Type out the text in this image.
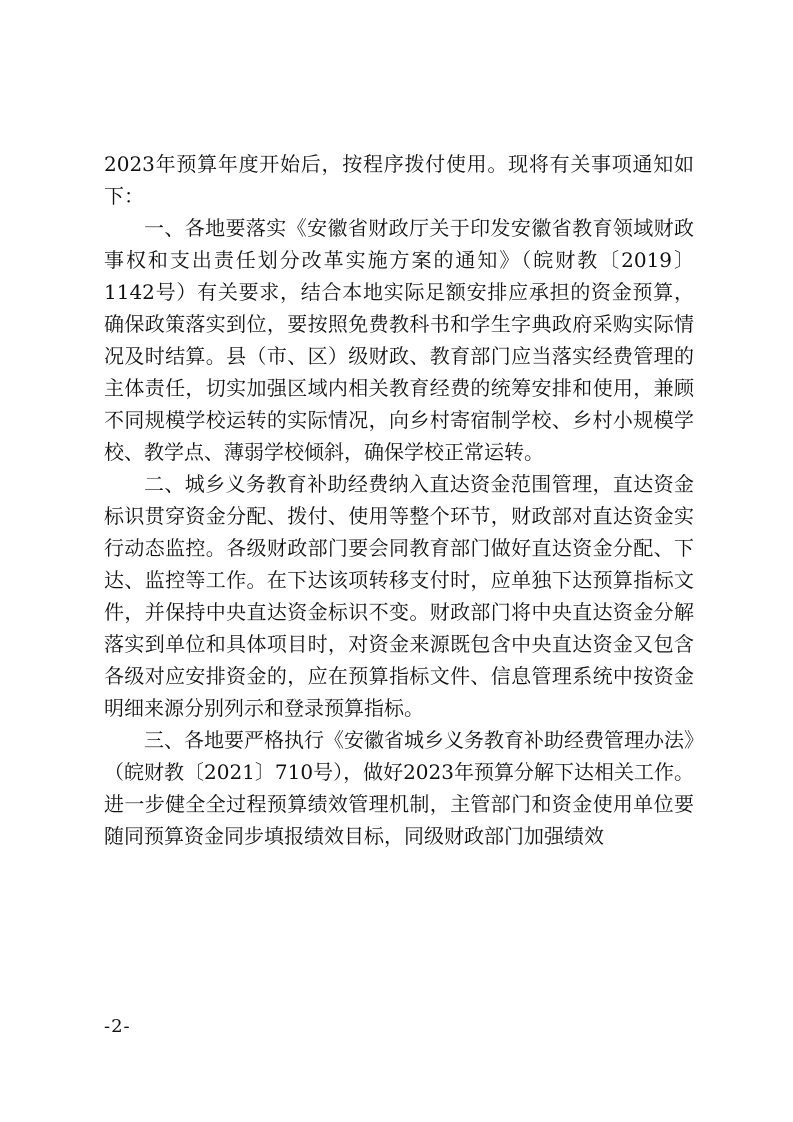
2023年预算年度开始后，按程序拨付使用。现将有关事项通知如下：

一、各地要落实《安徽省财政厅关于印发安徽省教育领域财政事权和支出责任划分改革实施方案的通知》（皖财教〔2019〕1142号）有关要求，结合本地实际足额安排应承担的资金预算，确保政策落实到位，要按照免费教科书和学生字典政府采购实际情况及时结算。县（市、区）级财政、教育部门应当落实经费管理的主体责任，切实加强区域内相关教育经费的统筹安排和使用，兼顾不同规模学校运转的实际情况，向乡村寄宿制学校、乡村小规模学校、教学点、薄弱学校倾斜，确保学校正常运转。

二、城乡义务教育补助经费纳入直达资金范围管理，直达资金标识贯穿资金分配、拨付、使用等整个环节，财政部对直达资金实行动态监控。各级财政部门要会同教育部门做好直达资金分配、下达、监控等工作。在下达该项转移支付时，应单独下达预算指标文件，并保持中央直达资金标识不变。财政部门将中央直达资金分解落实到单位和具体项目时，对资金来源既包含中央直达资金又包含各级对应安排资金的，应在预算指标文件、信息管理系统中按资金明细来源分别列示和登录预算指标。

三、各地要严格执行《安徽省城乡义务教育补助经费管理办法》（皖财教〔2021〕710号），做好2023年预算分解下达相关工作。进一步健全全过程预算绩效管理机制，主管部门和资金使用单位要随同预算资金同步填报绩效目标，同级财政部门加强绩效

-2-
